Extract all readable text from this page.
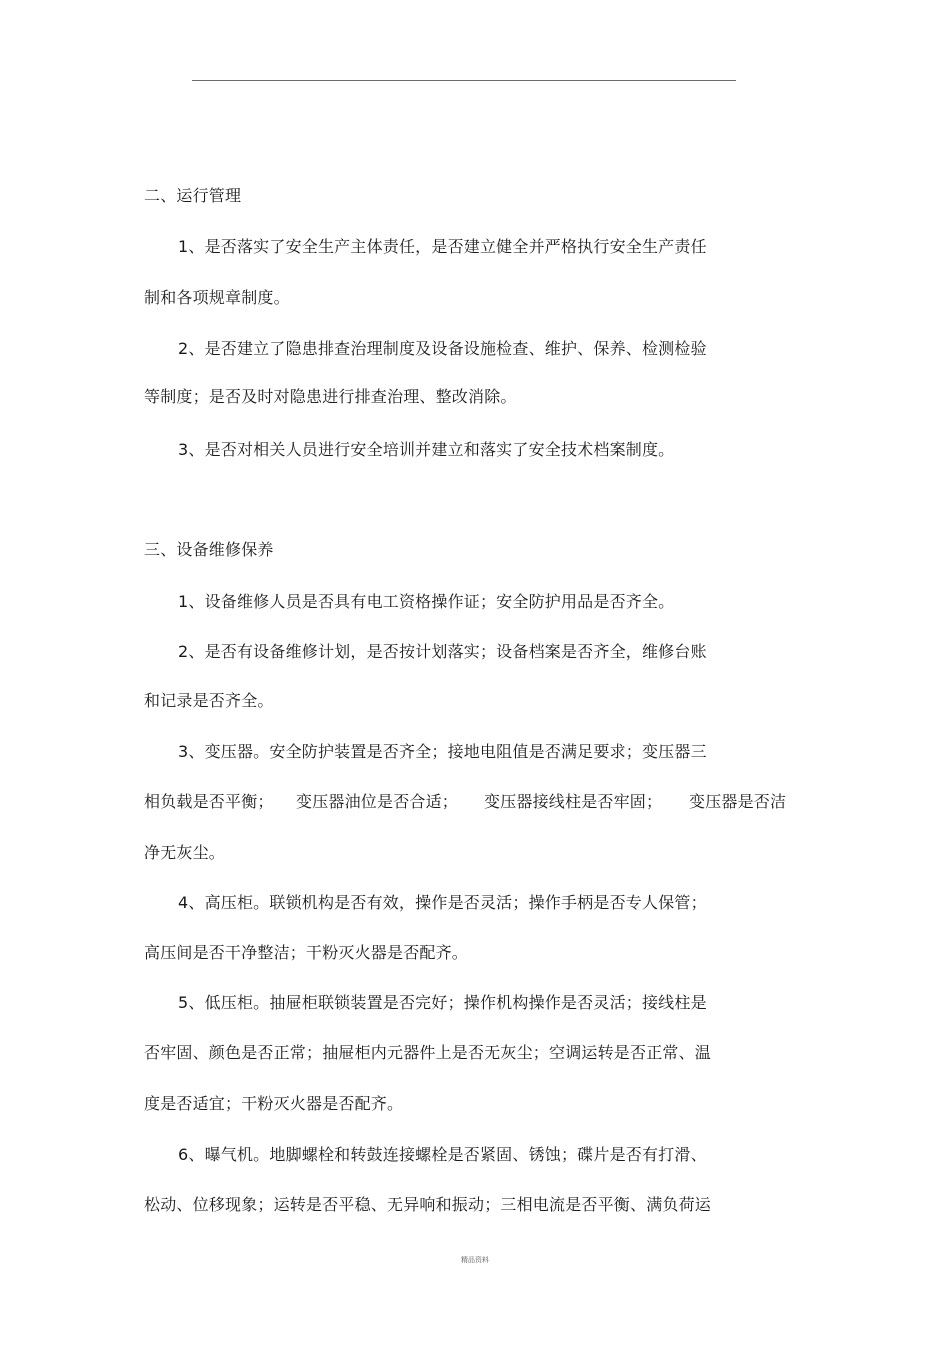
二、运行管理
1、是否落实了安全生产主体责任，是否建立健全并严格执行安全生产责任
制和各项规章制度。
2、是否建立了隐患排查治理制度及设备设施检查、维护、保养、检测检验
等制度；是否及时对隐患进行排查治理、整改消除。
3、是否对相关人员进行安全培训并建立和落实了安全技术档案制度。
三、设备维修保养
1、设备维修人员是否具有电工资格操作证；安全防护用品是否齐全。
2、是否有设备维修计划，是否按计划落实；设备档案是否齐全，维修台账
和记录是否齐全。
3、变压器。安全防护装置是否齐全；接地电阻值是否满足要求；变压器三
相负载是否平衡； 变压器油位是否合适； 变压器接线柱是否牢固； 变压器是否洁
净无灰尘。
4、高压柜。联锁机构是否有效，操作是否灵活；操作手柄是否专人保管；
高压间是否干净整洁；干粉灭火器是否配齐。
5、低压柜。抽屉柜联锁装置是否完好；操作机构操作是否灵活；接线柱是
否牢固、颜色是否正常；抽屉柜内元器件上是否无灰尘；空调运转是否正常、温
度是否适宜；干粉灭火器是否配齐。
6、曝气机。地脚螺栓和转鼓连接螺栓是否紧固、锈蚀；碟片是否有打滑、
松动、位移现象；运转是否平稳、无异响和振动；三相电流是否平衡、满负荷运
精品资料
